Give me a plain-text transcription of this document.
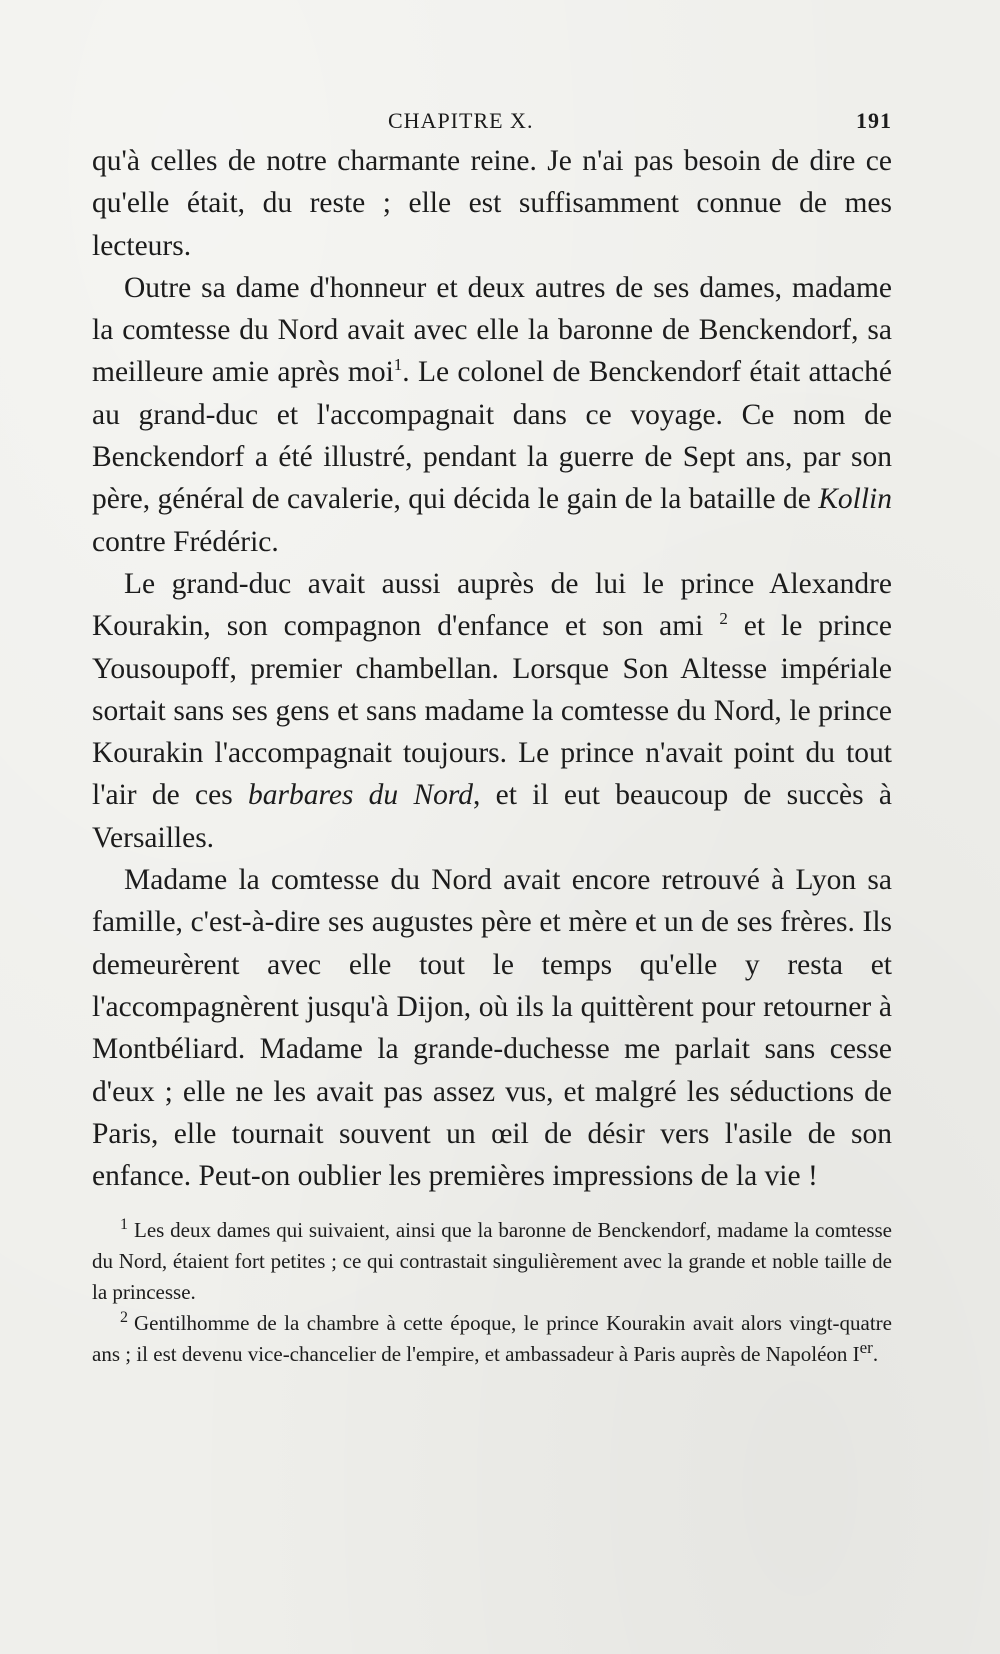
CHAPITRE X.	191

qu'à celles de notre charmante reine. Je n'ai pas besoin de dire ce qu'elle était, du reste ; elle est suffisamment connue de mes lecteurs.

Outre sa dame d'honneur et deux autres de ses dames, madame la comtesse du Nord avait avec elle la baronne de Benckendorf, sa meilleure amie après moi$^1$. Le colonel de Benckendorf était attaché au grand-duc et l'accompagnait dans ce voyage. Ce nom de Benckendorf a été illustré, pendant la guerre de Sept ans, par son père, général de cavalerie, qui décida le gain de la bataille de Kollin contre Frédéric.

Le grand-duc avait aussi auprès de lui le prince Alexandre Kourakin, son compagnon d'enfance et son ami $^2$ et le prince Yousoupoff, premier chambellan. Lorsque Son Altesse impériale sortait sans ses gens et sans madame la comtesse du Nord, le prince Kourakin l'accompagnait toujours. Le prince n'avait point du tout l'air de ces barbares du Nord, et il eut beaucoup de succès à Versailles.

Madame la comtesse du Nord avait encore retrouvé à Lyon sa famille, c'est-à-dire ses augustes père et mère et un de ses frères. Ils demeurèrent avec elle tout le temps qu'elle y resta et l'accompagnèrent jusqu'à Dijon, où ils la quittèrent pour retourner à Montbéliard. Madame la grande-duchesse me parlait sans cesse d'eux ; elle ne les avait pas assez vus, et malgré les séductions de Paris, elle tournait souvent un œil de désir vers l'asile de son enfance. Peut-on oublier les premières impressions de la vie !

$^1$ Les deux dames qui suivaient, ainsi que la baronne de Benckendorf, madame la comtesse du Nord, étaient fort petites ; ce qui contrastait singulièrement avec la grande et noble taille de la princesse.

$^2$ Gentilhomme de la chambre à cette époque, le prince Kourakin avait alors vingt-quatre ans ; il est devenu vice-chancelier de l'empire, et ambassadeur à Paris auprès de Napoléon Ier.
